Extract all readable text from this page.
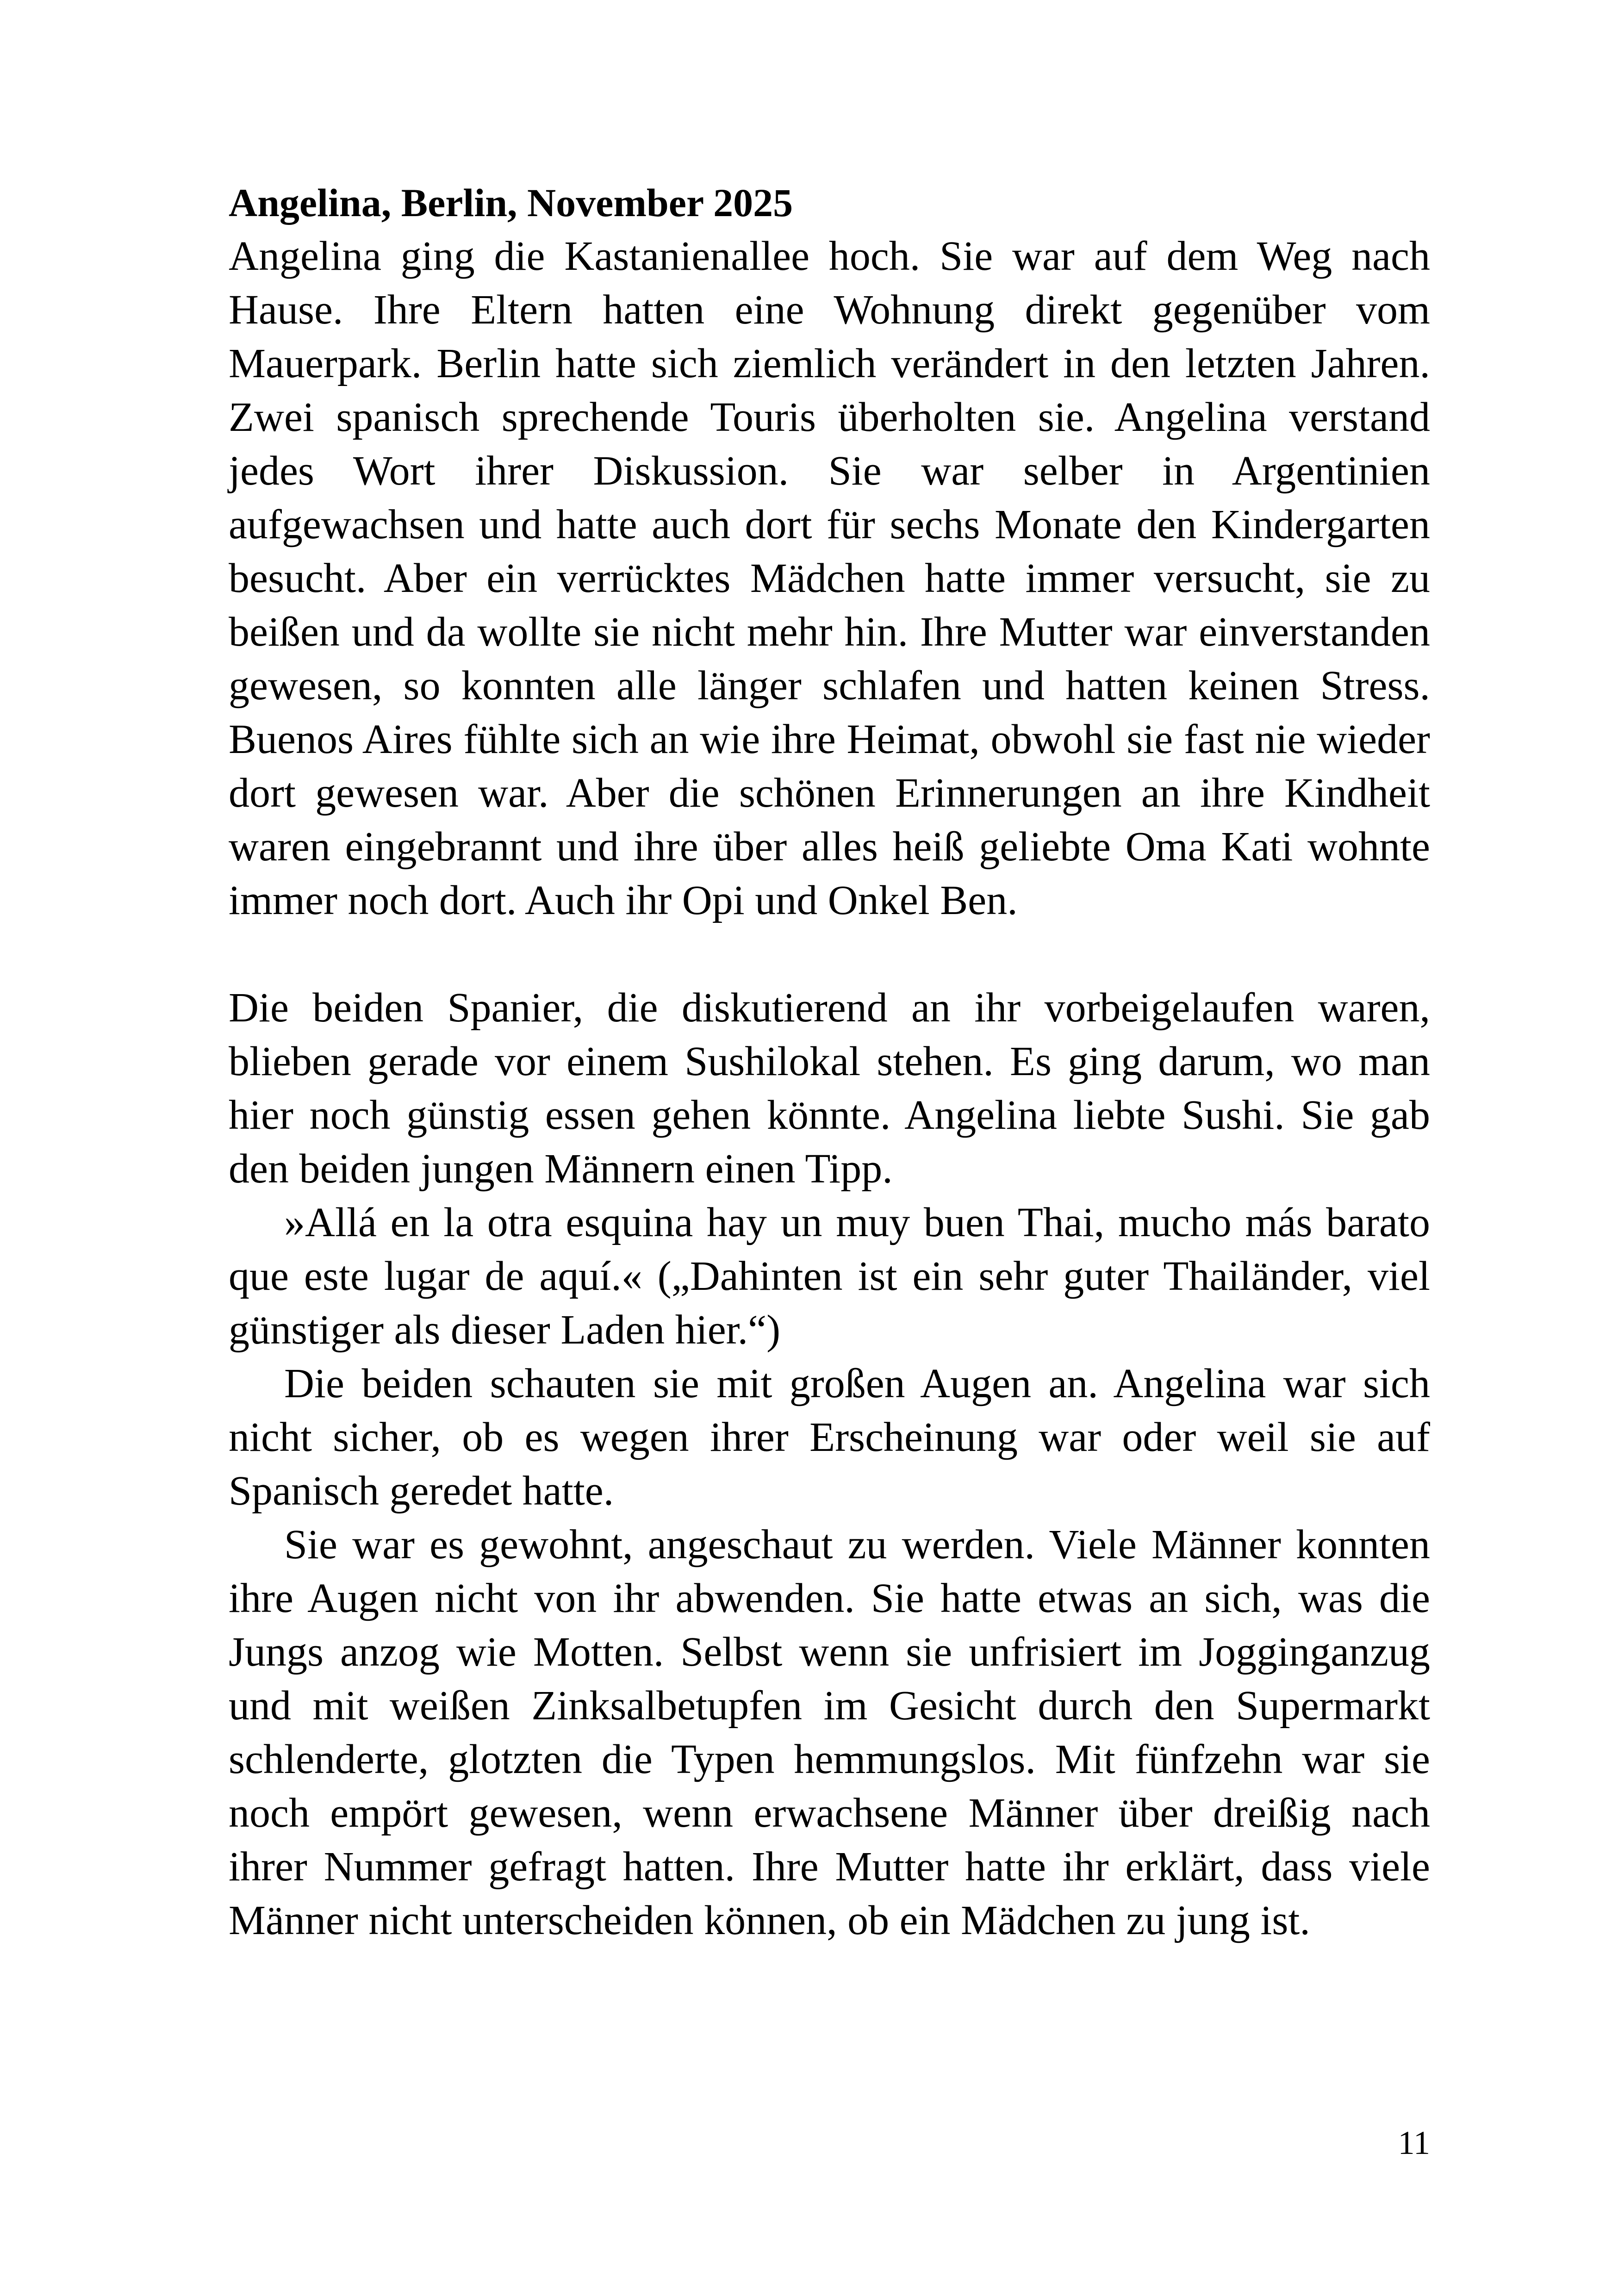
Angelina, Berlin, November 2025

Angelina ging die Kastanienallee hoch. Sie war auf dem Weg nach Hause. Ihre Eltern hatten eine Wohnung direkt gegenüber vom Mauerpark. Berlin hatte sich ziemlich verändert in den letzten Jahren. Zwei spanisch sprechende Touris überholten sie. Angelina verstand jedes Wort ihrer Diskussion. Sie war selber in Argentinien aufgewachsen und hatte auch dort für sechs Monate den Kindergarten besucht. Aber ein verrücktes Mädchen hatte immer versucht, sie zu beißen und da wollte sie nicht mehr hin. Ihre Mutter war einverstanden gewesen, so konnten alle länger schlafen und hatten keinen Stress. Buenos Aires fühlte sich an wie ihre Heimat, obwohl sie fast nie wieder dort gewesen war. Aber die schönen Erinnerungen an ihre Kindheit waren eingebrannt und ihre über alles heiß geliebte Oma Kati wohnte immer noch dort. Auch ihr Opi und Onkel Ben.

Die beiden Spanier, die diskutierend an ihr vorbeigelaufen waren, blieben gerade vor einem Sushilokal stehen. Es ging darum, wo man hier noch günstig essen gehen könnte. Angelina liebte Sushi. Sie gab den beiden jungen Männern einen Tipp.

»Allá en la otra esquina hay un muy buen Thai, mucho más barato que este lugar de aquí.« („Dahinten ist ein sehr guter Thailänder, viel günstiger als dieser Laden hier.“)

Die beiden schauten sie mit großen Augen an. Angelina war sich nicht sicher, ob es wegen ihrer Erscheinung war oder weil sie auf Spanisch geredet hatte.

Sie war es gewohnt, angeschaut zu werden. Viele Männer konnten ihre Augen nicht von ihr abwenden. Sie hatte etwas an sich, was die Jungs anzog wie Motten. Selbst wenn sie unfrisiert im Jogginganzug und mit weißen Zinksalbetupfen im Gesicht durch den Supermarkt schlenderte, glotzten die Typen hemmungslos. Mit fünfzehn war sie noch empört gewesen, wenn erwachsene Männer über dreißig nach ihrer Nummer gefragt hatten. Ihre Mutter hatte ihr erklärt, dass viele Männer nicht unterscheiden können, ob ein Mädchen zu jung ist.

11
